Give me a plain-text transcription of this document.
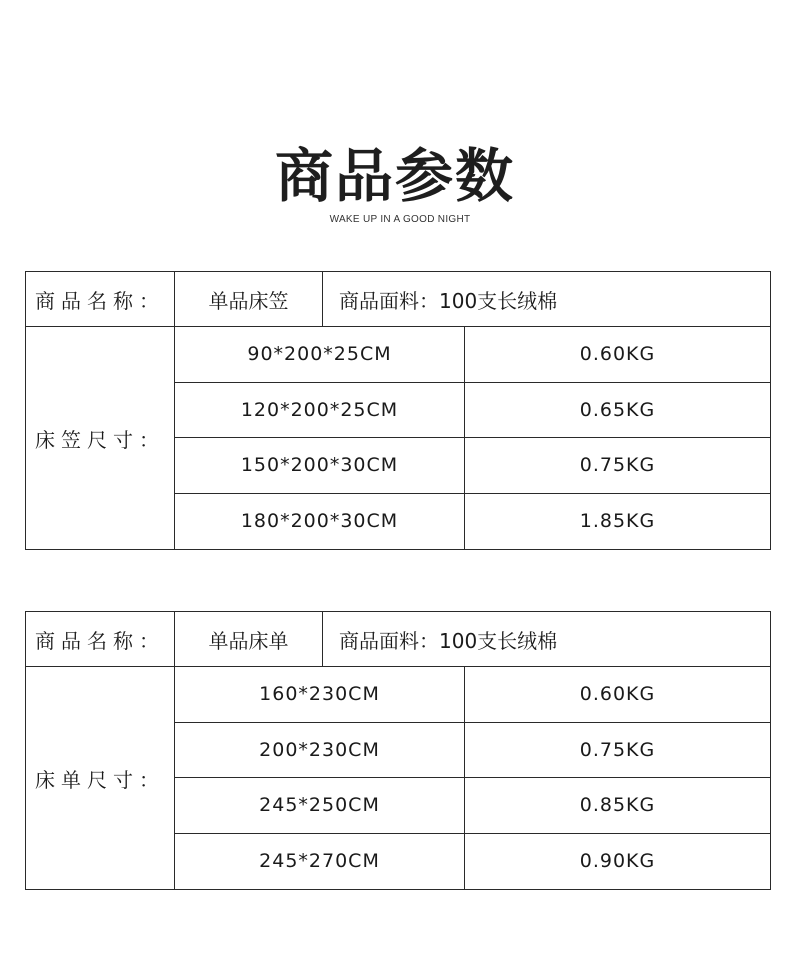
商品参数
WAKE UP IN A GOOD NIGHT
商品名称：	单品床笠	商品面料：100支长绒棉
床笠尺寸：
90*200*25CM	0.60KG
120*200*25CM	0.65KG
150*200*30CM	0.75KG
180*200*30CM	1.85KG
商品名称：	单品床单	商品面料：100支长绒棉
床单尺寸：
160*230CM	0.60KG
200*230CM	0.75KG
245*250CM	0.85KG
245*270CM	0.90KG
